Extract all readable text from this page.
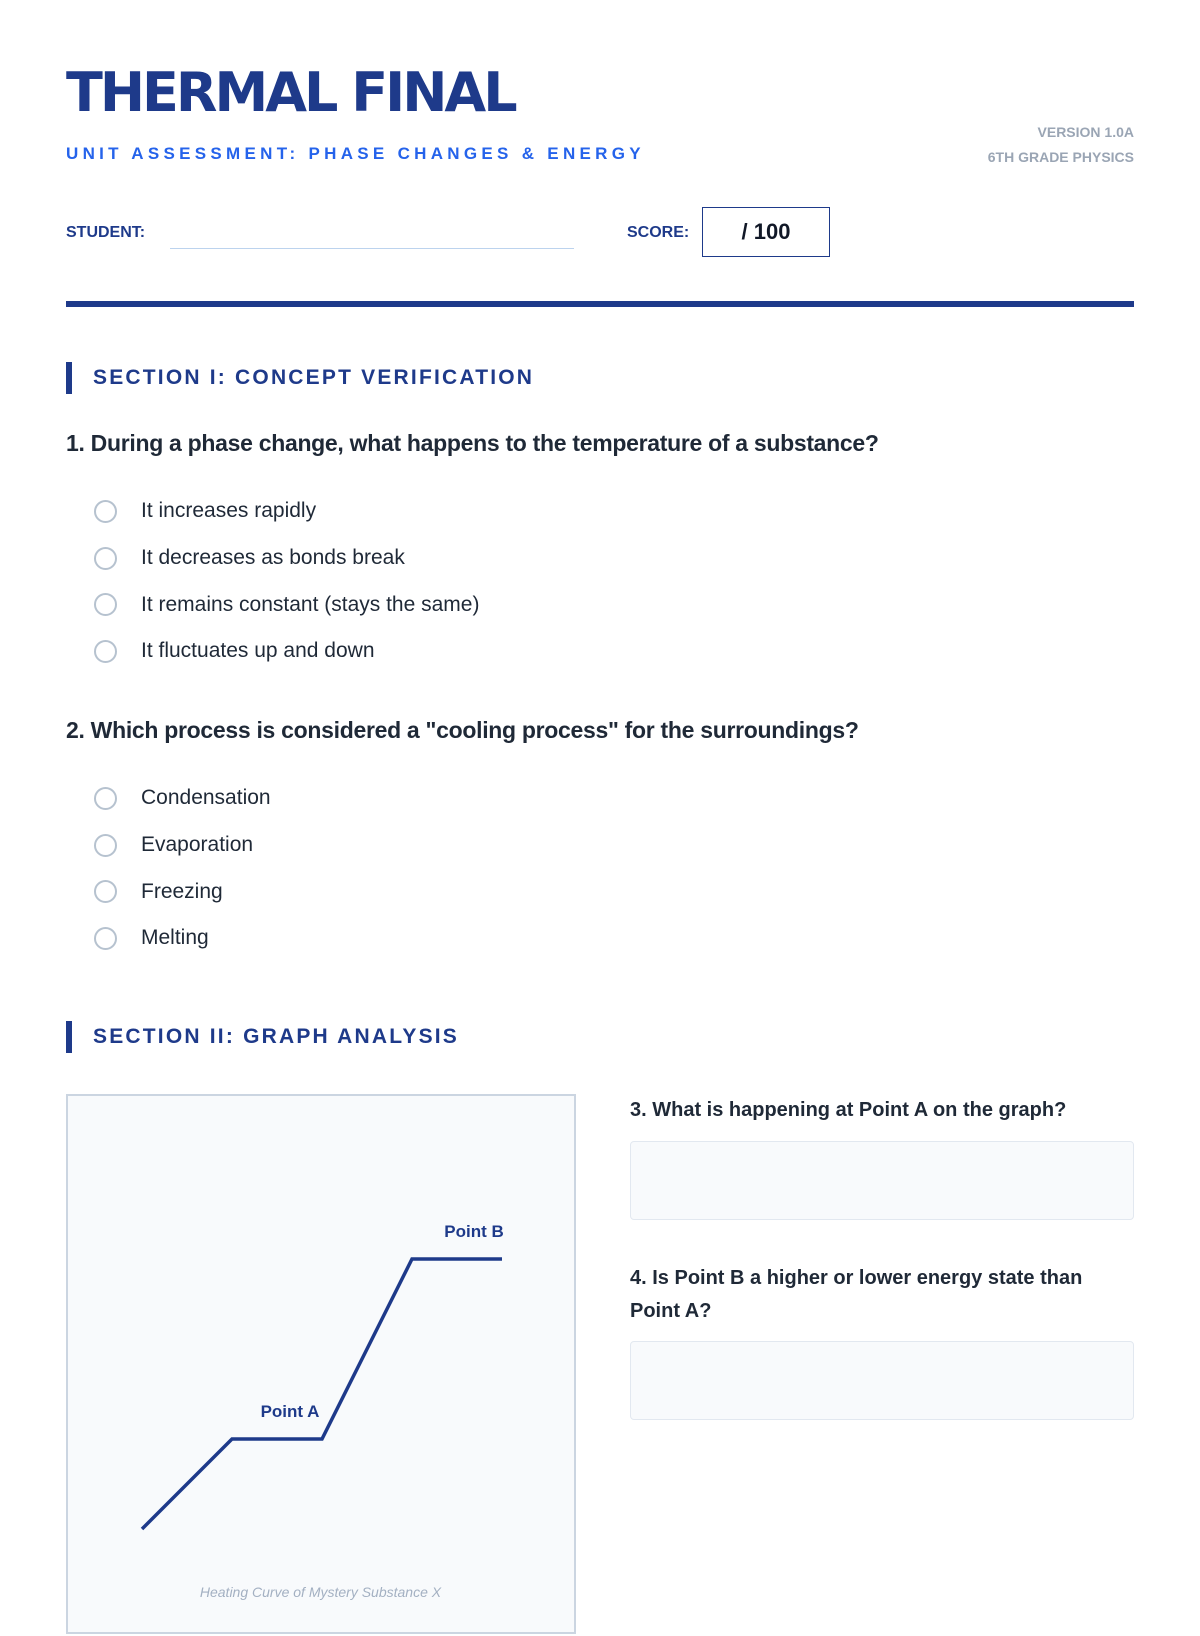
THERMAL FINAL
UNIT ASSESSMENT: PHASE CHANGES & ENERGY
VERSION 1.0A
6TH GRADE PHYSICS
STUDENT:	SCORE:	/ 100
SECTION I: CONCEPT VERIFICATION
1. During a phase change, what happens to the temperature of a substance?
It increases rapidly
It decreases as bonds break
It remains constant (stays the same)
It fluctuates up and down
2. Which process is considered a "cooling process" for the surroundings?
Condensation
Evaporation
Freezing
Melting
SECTION II: GRAPH ANALYSIS
Point A
Point B
Heating Curve of Mystery Substance X
3. What is happening at Point A on the graph?
4. Is Point B a higher or lower energy state than Point A?
